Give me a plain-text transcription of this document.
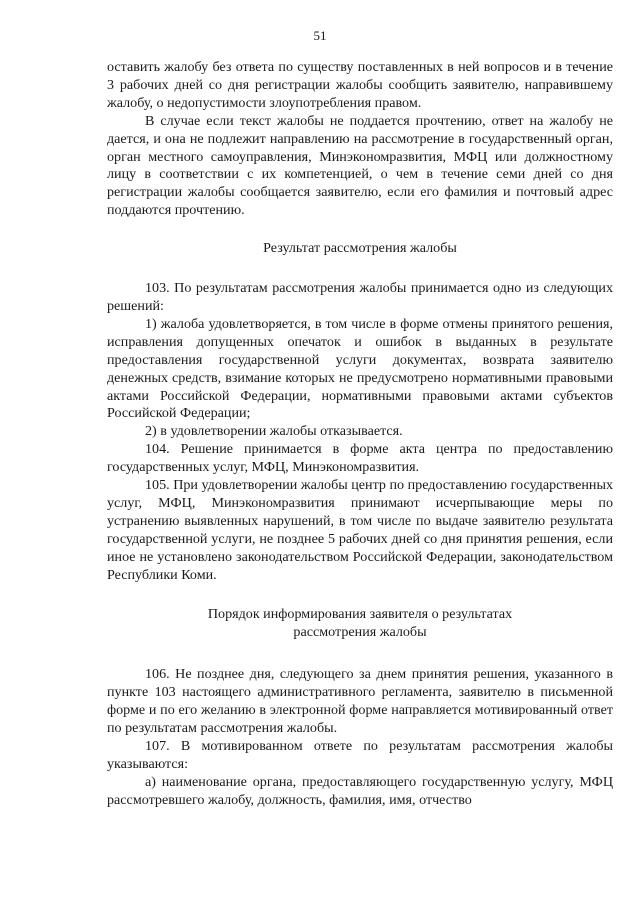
51

оставить жалобу без ответа по существу поставленных в ней вопросов и в течение 3 рабочих дней со дня регистрации жалобы сообщить заявителю, направившему жалобу, о недопустимости злоупотребления правом.

В случае если текст жалобы не поддается прочтению, ответ на жалобу не дается, и она не подлежит направлению на рассмотрение в государственный орган, орган местного самоуправления, Минэкономразвития, МФЦ или должностному лицу в соответствии с их компетенцией, о чем в течение семи дней со дня регистрации жалобы сообщается заявителю, если его фамилия и почтовый адрес поддаются прочтению.

Результат рассмотрения жалобы

103. По результатам рассмотрения жалобы принимается одно из следующих решений:

1) жалоба удовлетворяется, в том числе в форме отмены принятого решения, исправления допущенных опечаток и ошибок в выданных в результате предоставления государственной услуги документах, возврата заявителю денежных средств, взимание которых не предусмотрено нормативными правовыми актами Российской Федерации, нормативными правовыми актами субъектов Российской Федерации;

2) в удовлетворении жалобы отказывается.

104. Решение принимается в форме акта центра по предоставлению государственных услуг, МФЦ, Минэкономразвития.

105. При удовлетворении жалобы центр по предоставлению государственных услуг, МФЦ, Минэкономразвития принимают исчерпывающие меры по устранению выявленных нарушений, в том числе по выдаче заявителю результата государственной услуги, не позднее 5 рабочих дней со дня принятия решения, если иное не установлено законодательством Российской Федерации, законодательством Республики Коми.

Порядок информирования заявителя о результатах

рассмотрения жалобы

106. Не позднее дня, следующего за днем принятия решения, указанного в пункте 103 настоящего административного регламента, заявителю в письменной форме и по его желанию в электронной форме направляется мотивированный ответ по результатам рассмотрения жалобы.

107. В мотивированном ответе по результатам рассмотрения жалобы указываются:

а) наименование органа, предоставляющего государственную услугу, МФЦ рассмотревшего жалобу, должность, фамилия, имя, отчество
